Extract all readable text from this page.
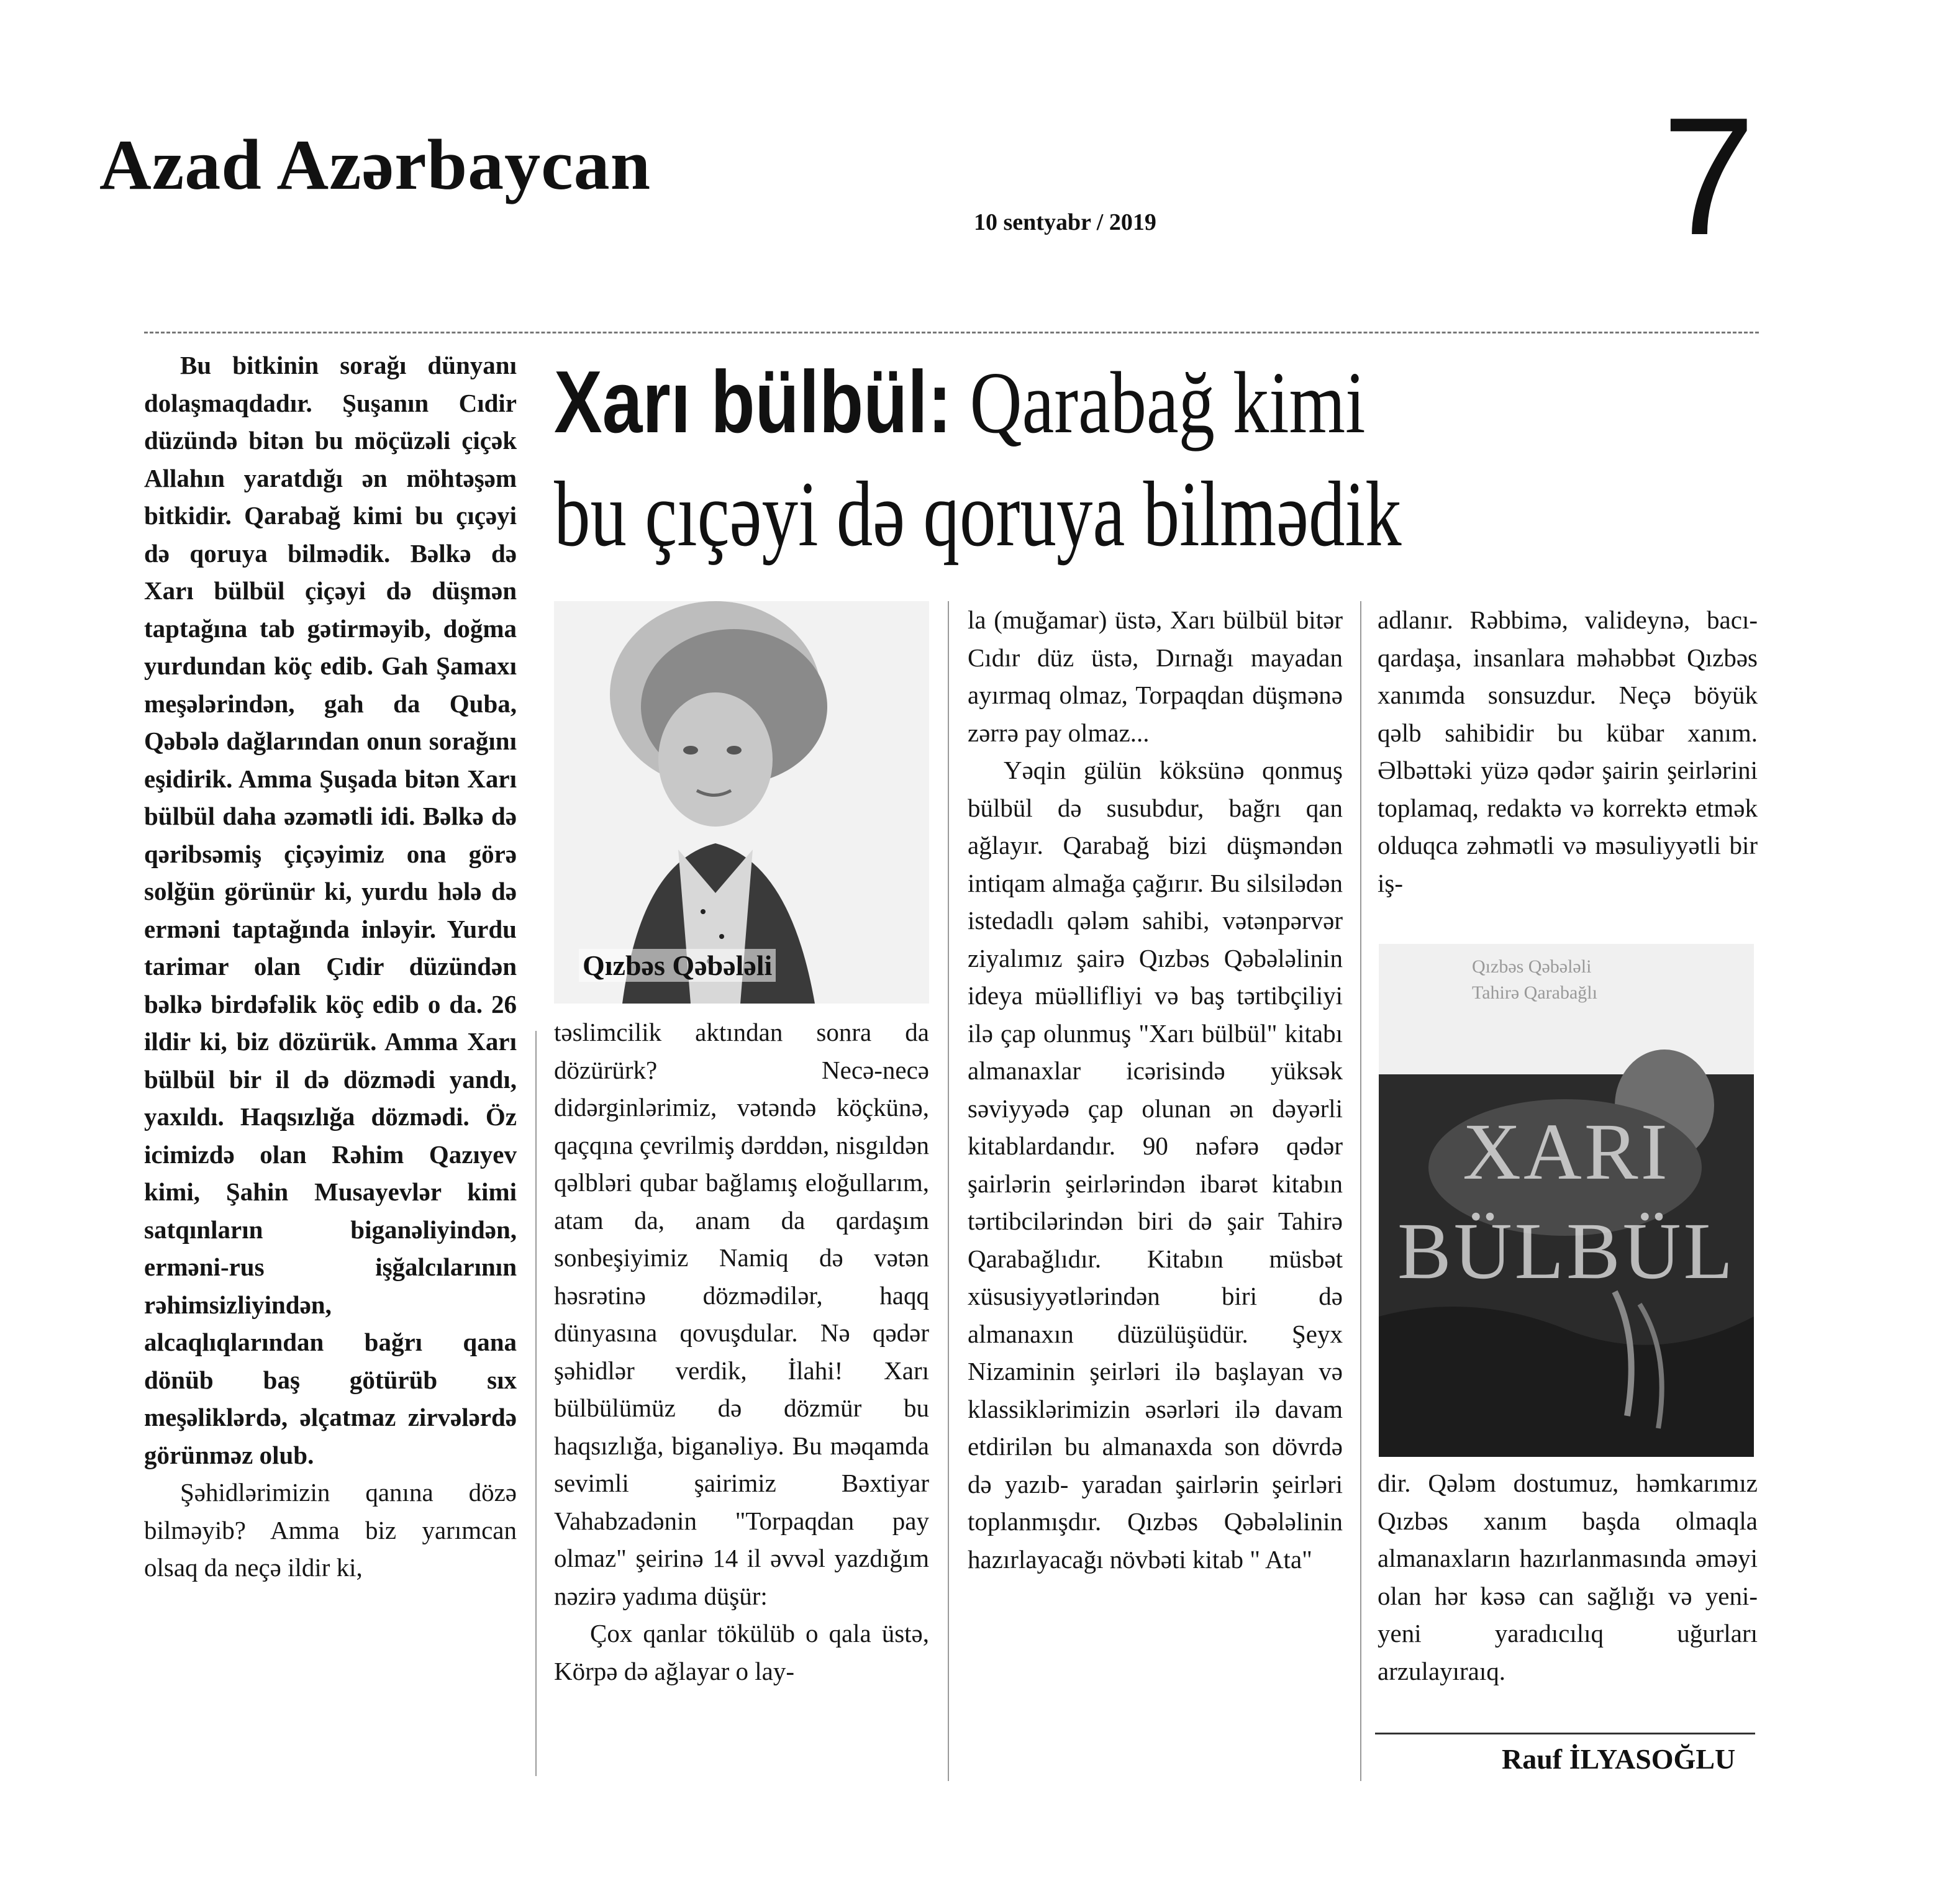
Azad Azərbaycan
10 sentyabr / 2019	7
Xarı bülbül: Qarabağ kimi
bu çıçəyi də qoruya bilmədik

Bu bitkinin sorağı dünyanı dolaşmaqdadır. Şuşanın Cıdir düzündə bitən bu möçüzəli çiçək Allahın yaratdığı ən möhtəşəm bitkidir. Qarabağ kimi bu çıçəyi də qoruya bilmədik. Bəlkə də Xarı bülbül çiçəyi də düşmən taptağına tab gətirməyib, doğma yurdundan köç edib. Gah Şamaxı meşələrindən, gah da Quba, Qəbələ dağlarından onun sorağını eşidirik. Amma Şuşada bitən Xarı bülbül daha əzəmətli idi. Bəlkə də qəribsəmiş çiçəyimiz ona görə solğün görünür ki, yurdu hələ də erməni taptağında inləyir. Yurdu tarimar olan Çıdir düzündən bəlkə birdəfəlik köç edib o da. 26 ildir ki, biz dözürük. Amma Xarı bülbül bir il də dözmədi yandı, yaxıldı. Haqsızlığa dözmədi. Öz icimizdə olan Rəhim Qazıyev kimi, Şahin Musayevlər kimi satqınların biganəliyindən, erməni-rus işğalcılarının rəhimsizliyindən, alcaqlıqlarından bağrı qana dönüb baş götürüb sıx meşəliklərdə, əlçatmaz zirvələrdə görünməz olub.

Şəhidlərimizin qanına dözə bilməyib? Amma biz yarımcan olsaq da neçə ildir ki,

Qızbəs Qəbələli

təslimcilik aktından sonra da dözürürk? Necə-necə didərginlərimiz, vətəndə köçkünə, qaçqına çevrilmiş dərddən, nisgıldən qəlbləri qubar bağlamış eloğullarım, atam da, anam da qardaşım sonbeşiyimiz Namiq də vətən həsrətinə dözmədilər, haqq dünyasına qovuşdular. Nə qədər şəhidlər verdik, İlahi! Xarı bülbülümüz də dözmür bu haqsızlığa, biganəliyə. Bu məqamda sevimli şairimiz Bəxtiyar Vahabzadənin "Torpaqdan pay olmaz" şeirinə 14 il əvvəl yazdığım nəzirə yadıma düşür:

Çox qanlar tökülüb o qala üstə, Körpə də ağlayar o lay-

la (muğamar) üstə, Xarı bülbül bitər Cıdır düz üstə, Dırnağı mayadan ayırmaq olmaz, Torpaqdan düşmənə zərrə pay olmaz...

Yəqin gülün köksünə qonmuş bülbül də susubdur, bağrı qan ağlayır. Qarabağ bizi düşməndən intiqam almağa çağırır. Bu silsilədən istedadlı qələm sahibi, vətənpərvər ziyalımız şairə Qızbəs Qəbələlinin ideya müəllifliyi və baş tərtibçiliyi ilə çap olunmuş "Xarı bülbül" kitabı almanaxlar icərisində yüksək səviyyədə çap olunan ən dəyərli kitablardandır. 90 nəfərə qədər şairlərin şeirlərindən ibarət kitabın tərtibcilərindən biri də şair Tahirə Qarabağlıdır. Kitabın müsbət xüsusiyyətlərindən biri də almanaxın düzülüşüdür. Şeyx Nizaminin şeirləri ilə başlayan və klassiklərimizin əsərləri ilə davam etdirilən bu almanaxda son dövrdə də yazıb- yaradan şairlərin şeirləri toplanmışdır. Qızbəs Qəbələlinin hazırlayacağı növbəti kitab " Ata"

adlanır. Rəbbimə, valideynə, bacı-qardaşa, insanlara məhəbbət Qızbəs xanımda sonsuzdur. Neçə böyük qəlb sahibidir bu kübar xanım. Əlbəttəki yüzə qədər şairin şeirlərini toplamaq, redaktə və korrektə etmək olduqca zəhmətli və məsuliyyətli bir iş-

Qızbəs Qəbələli
Tahirə Qarabağlı
XARI
BÜLBÜL

dir. Qələm dostumuz, həmkarımız Qızbəs xanım başda olmaqla almanaxların hazırlanmasında əməyi olan hər kəsə can sağlığı və yeni-yeni yaradıcılıq uğurları arzulayıraıq.

Rauf İLYASOĞLU
